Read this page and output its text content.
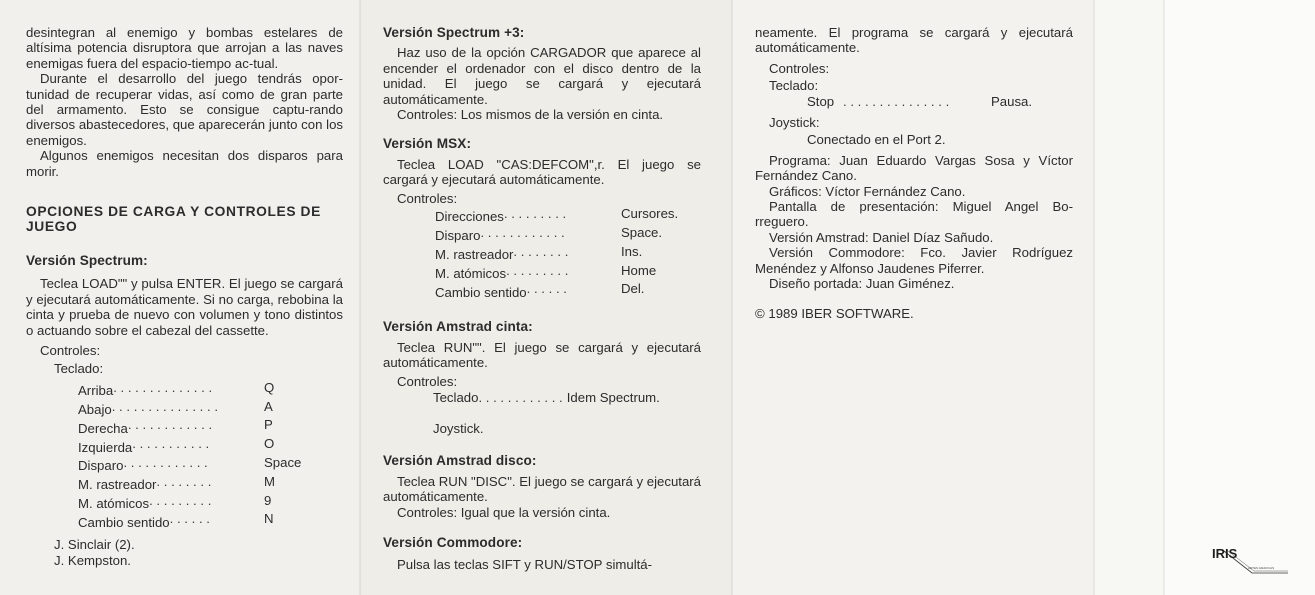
desintegran al enemigo y bombas estelares de altísima potencia disruptora que arrojan a las naves enemigas fuera del espacio-tiempo ac-tual.

Durante el desarrollo del juego tendrás opor-tunidad de recuperar vidas, así como de gran parte del armamento. Esto se consigue captu-rando diversos abastecedores, que aparecerán junto con los enemigos.

Algunos enemigos necesitan dos disparos para morir.

OPCIONES DE CARGA Y CONTROLES DE JUEGO

Versión Spectrum:

Teclea LOAD"" y pulsa ENTER. El juego se cargará y ejecutará automáticamente. Si no carga, rebobina la cinta y prueba de nuevo con volumen y tono distintos o actuando sobre el cabezal del cassette.

Controles:

Teclado:

Arriba. . . . . . . . . . . . . .	Q
Abajo. . . . . . . . . . . . . . .	A
Derecha. . . . . . . . . . . .	P
Izquierda. . . . . . . . . . .	O
Disparo. . . . . . . . . . . .	Space
M. rastreador. . . . . . . .	M
M. atómicos. . . . . . . . .	9
Cambio sentido. . . . . .	N

J. Sinclair (2).

J. Kempston.

Versión Spectrum +3:

Haz uso de la opción CARGADOR que aparece al encender el ordenador con el disco dentro de la unidad. El juego se cargará y ejecutará automáticamente.

Controles: Los mismos de la versión en cinta.

Versión MSX:

Teclea LOAD "CAS:DEFCOM",r. El juego se cargará y ejecutará automáticamente.

Controles:

Direcciones. . . . . . . . .	Cursores.
Disparo. . . . . . . . . . . .	Space.
M. rastreador. . . . . . . .	Ins.
M. atómicos. . . . . . . . .	Home
Cambio sentido. . . . . .	Del.

Versión Amstrad cinta:

Teclea RUN"". El juego se cargará y ejecutará automáticamente.

Controles:

Teclado . . . . . . . . . . . . Idem Spectrum.

Joystick.

Versión Amstrad disco:

Teclea RUN "DISC". El juego se cargará y ejecutará automáticamente.

Controles: Igual que la versión cinta.

Versión Commodore:

Pulsa las teclas SIFT y RUN/STOP simultá-

neamente. El programa se cargará y ejecutará automáticamente.

Controles:

Teclado:

Stop . . . . . . . . . . . . . . .	Pausa.

Joystick:

Conectado en el Port 2.

Programa: Juan Eduardo Vargas Sosa y Víctor Fernández Cano.

Gráficos: Víctor Fernández Cano.

Pantalla de presentación: Miguel Angel Bo-rreguero.

Versión Amstrad: Daniel Díaz Sañudo.

Versión Commodore: Fco. Javier Rodríguez Menéndez y Alfonso Jaudenes Piferrer.

Diseño portada: Juan Giménez.

© 1989 IBER SOFTWARE.

IRIS
ARTES GRAFICAS
